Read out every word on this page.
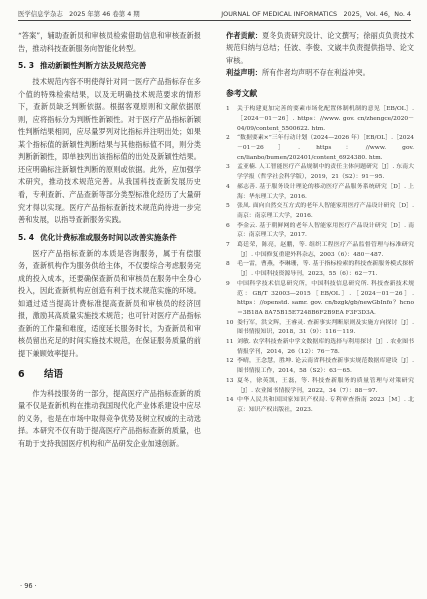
医学信息学杂志　2025 年第 46 卷第 4 期	JOURNAL OF MEDICAL INFORMATICS　2025，Vol. 46，No. 4

“答案”，辅助查新员和审核员检索借助信息和审核查新报告，推动科技查新服务向智能化转型。

5. 3 推动新颖性判断方法及规范完善

技术规范内容不明使得针对同一医疗产品指标存在多个值的特殊检索结果，以及无明确技术规范要求的情形下，查新员缺乏判断依据。根据客观原则和文献依据原则，应将指标分为判断性新颖性。对于医疗产品指标新颖性判断结果相同，应尽量罗列对比指标并注明出处；如果某个指标值的新颖性判断结果与其他指标值不同，则分类判断新颖性，即单独列出该指标值的出处及新颖性结果。还应明确标注新颖性判断的原则或依据。此外，应加强学术研究，推动技术规范完善。从我国科技查新发展历史看，专利查新、产品查新等部分类型标准化经历了大量研究才得以实现。医疗产品指标查新技术规范尚待进一步完善和发展，以指导查新服务实践。

5. 4 优化计费标准或服务时间以改善实施条件

医疗产品指标查新的本质是咨询服务，属于有偿服务，查新机构作为服务供给主体，不仅要综合考虑服务完成的投入成本，还要确保查新员和审核员在服务中全身心投入，因此查新机构应创造有利于技术规范实施的环境。如通过适当提高计费标准提高查新员和审核员的经济回报，激励其高质量实施技术规范；也可针对医疗产品指标查新的工作量和难度，适度延长服务时长，为查新员和审核员留出充足的时间实施技术规范，在保证服务质量的前提下兼顾效率提升。

6 结语

作为科技服务的一部分，提高医疗产品指标查新的质量不仅是查新机构在推动我国现代化产业体系建设中应尽的义务，也是在市场中取得竞争优势及树立权威的主动选择。本研究不仅有助于提高医疗产品指标查新的质量，也有助于支持我国医疗机构和产品研发企业加速创新。

作者贡献：夏冬负责研究设计、论文撰写；徐丽贞负责技术规范归纳与总结；任波、李俊、文崴丰负责提供指导、论文审核。

利益声明：所有作者均声明不存在利益冲突。

参考文献
1	关于构建更加完善的要素市场化配置体制机制的意见［EB/OL］.［2024－01－26］. https：//www. gov. cn/zhengce/2020－04/09/content_5500622. htm.
2	“数据要素×”三年行动计划（2024—2026 年）［EB/OL］.［2024－01－26］. https：//www. gov. cn/lianbo/bumen/202401/content_6924380. htm.
3	孟亚楠. 人工智能医疗产品规制中的责任主体问题研究［J］. 东南大学学报（哲学社会科学版），2019，21（S2）：91－95.
4	郝志善. 基于服务设计理论的移动医疗产品服务系统研究［D］. 上海：华东理工大学，2016.
5	张凤. 面向自然交互方式的老年人智能家用医疗产品设计研究［D］. 南京：南京理工大学，2016.
6	李金云. 基于朝鲜网的老年人智能家用医疗产品设计研究［D］. 南京：南京理工大学，2017.
7	葛廷荣，陈亮，赵鹏，等. 组织工程医疗产品监督管理与标准研究［J］. 中国修复重建外科杂志，2003（6）：480－487.
8	毛一雷，曹燕，李琳珊，等. 基于指标检索的科技查新服务模式探析［J］. 中国科技资源导刊，2023，55（6）：62－71.
9	中国科学技术信息研究所，中国科技信息研究所. 科技查新技术规范：GB/T 32003—2015［EB/OL］.［2024－01－26］. https：//openstd. samr. gov. cn/bzgk/gb/newGbInfo？hcno＝3B18A 8A75B15E7248B6F2B9EA F3F3D3A.
10 娄行军，洪文辉，王睿灵. 查新事实判断原则及实施方向探讨［J］. 图书情报知识，2018，31（9）：116－119.
11 刘敏. 农学科技查新中学文数据库的选择与利用探讨［J］. 农业图书情报学刊，2014，26（12）：76－78.
12 李晴，王念慧，胜坤. 论云南省科技查新事实规范数据库建设［J］. 图书情报工作，2014，58（S2）：63－65.
13 夏冬，徐英凯，王磊，等. 科技查新服务的质量管理与对策研究［J］. 农业图书情报学刊，2022，34（7）：88－97.
14 中华人民共和国国家知识产权局. 专利审查指南 2023［M］. 北京：知识产权出版社，2023.
· 96 ·
